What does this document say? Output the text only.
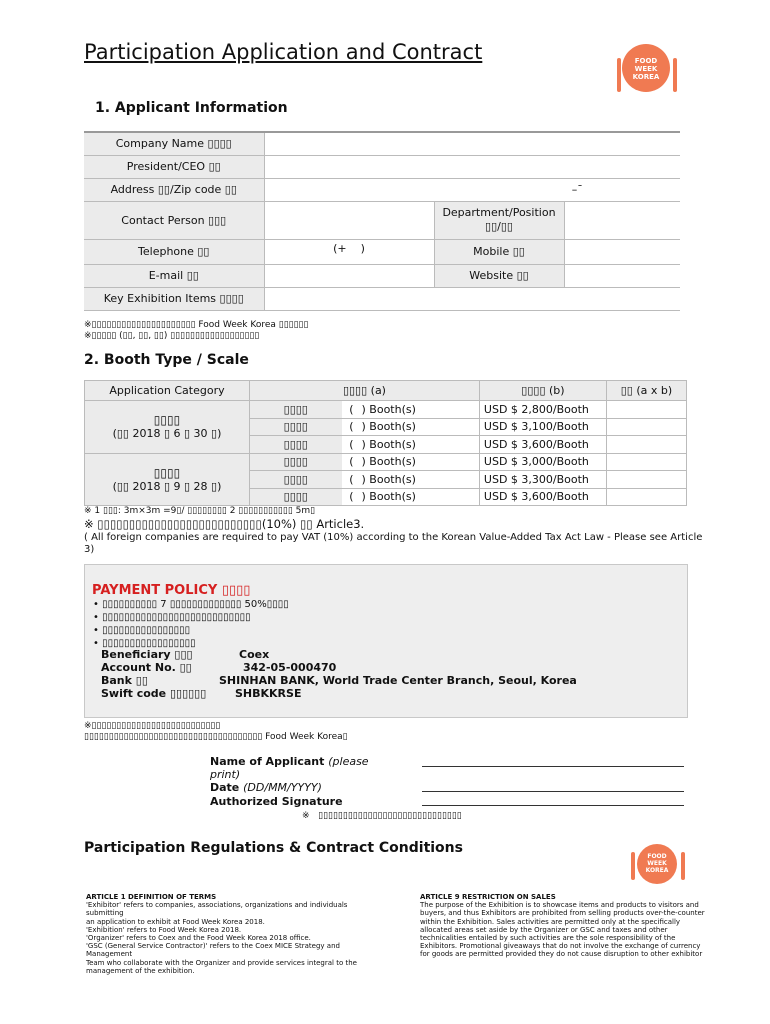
Participation Application and Contract	FOOD
WEEK
KOREA
1. Applicant Information
Company Name ▯▯▯▯			
President/CEO ▯▯			
Address ▯▯/Zip code ▯▯	–ˉ		
Contact Person ▯▯▯		Department/Position
▯▯/▯▯	

Telephone ▯▯	(+    )	Mobile ▯▯	
E-mail ▯▯		Website ▯▯	
Key Exhibition Items ▯▯▯▯			
※▯▯▯▯▯▯▯▯▯▯▯▯▯▯▯▯▯▯▯▯▯ Food Week Korea ▯▯▯▯▯▯
※▯▯▯▯▯ (▯▯, ▯▯, ▯▯) ▯▯▯▯▯▯▯▯▯▯▯▯▯▯▯▯▯▯
2. Booth Type / Scale
Application Category	▯▯▯▯ (a)			▯▯▯▯ (b)	▯▯ (a x b)

▯▯▯▯
(▯▯ 2018 ▯ 6 ▯ 30 ▯)	▯▯▯▯	(	) Booth(s)	USD $ 2,800/Booth	
	▯▯▯▯	(	) Booth(s)	USD $ 3,100/Booth	
	▯▯▯▯	(	) Booth(s)	USD $ 3,600/Booth	

▯▯▯▯
(▯▯ 2018 ▯ 9 ▯ 28 ▯)	▯▯▯▯	(	) Booth(s)	USD $ 3,000/Booth	
	▯▯▯▯	(	) Booth(s)	USD $ 3,300/Booth	
	▯▯▯▯	(	) Booth(s)	USD $ 3,600/Booth	
※ 1 ▯▯▯: 3m×3m =9▯/ ▯▯▯▯▯▯▯▯ 2 ▯▯▯▯▯▯▯▯▯▯▯ 5m▯
※ ▯▯▯▯▯▯▯▯▯▯▯▯▯▯▯▯▯▯▯▯▯▯▯▯▯▯(10%) ▯▯ Article3.
( All foreign companies are required to pay VAT (10%) according to the Korean Value-Added Tax Act Law - Please see Article 3)
PAYMENT POLICY ▯▯▯▯
• ▯▯▯▯▯▯▯▯▯▯ 7 ▯▯▯▯▯▯▯▯▯▯▯▯▯ 50%▯▯▯▯
• ▯▯▯▯▯▯▯▯▯▯▯▯▯▯▯▯▯▯▯▯▯▯▯▯▯▯▯
• ▯▯▯▯▯▯▯▯▯▯▯▯▯▯▯▯
• ▯▯▯▯▯▯▯▯▯▯▯▯▯▯▯▯▯
Beneficiary ▯▯▯	Coex
Account No. ▯▯	342-05-000470
Bank ▯▯	SHINHAN BANK, World Trade Center Branch, Seoul, Korea
Swift code ▯▯▯▯▯▯	SHBKKRSE
※▯▯▯▯▯▯▯▯▯▯▯▯▯▯▯▯▯▯▯▯▯▯▯▯▯▯
▯▯▯▯▯▯▯▯▯▯▯▯▯▯▯▯▯▯▯▯▯▯▯▯▯▯▯▯▯▯▯▯▯▯▯▯ Food Week Korea▯
Name of Applicant (please
print)
Date (DD/MM/YYYY)
Authorized Signature
※   ▯▯▯▯▯▯▯▯▯▯▯▯▯▯▯▯▯▯▯▯▯▯▯▯▯▯▯▯▯
Participation Regulations & Contract Conditions
FOOD
WEEK
KOREA
ARTICLE 1 DEFINITION OF TERMS
'Exhibitor' refers to companies, associations, organizations and individuals submitting
an application to exhibit at Food Week Korea 2018.
'Exhibition' refers to Food Week Korea 2018.
'Organizer' refers to Coex and the Food Week Korea 2018 office.
'GSC (General Service Contractor)' refers to the Coex MICE Strategy and Management
Team who collaborate with the Organizer and provide services integral to the
management of the exhibition.
ARTICLE 9 RESTRICTION ON SALES
The purpose of the Exhibition is to showcase items and products to visitors and
buyers, and thus Exhibitors are prohibited from selling products over-the-counter
within the Exhibition. Sales activities are permitted only at the specifically
allocated areas set aside by the Organizer or GSC and taxes and other
technicalities entailed by such activities are the sole responsibility of the
Exhibitors. Promotional giveaways that do not involve the exchange of currency
for goods are permitted provided they do not cause disruption to other exhibitor
